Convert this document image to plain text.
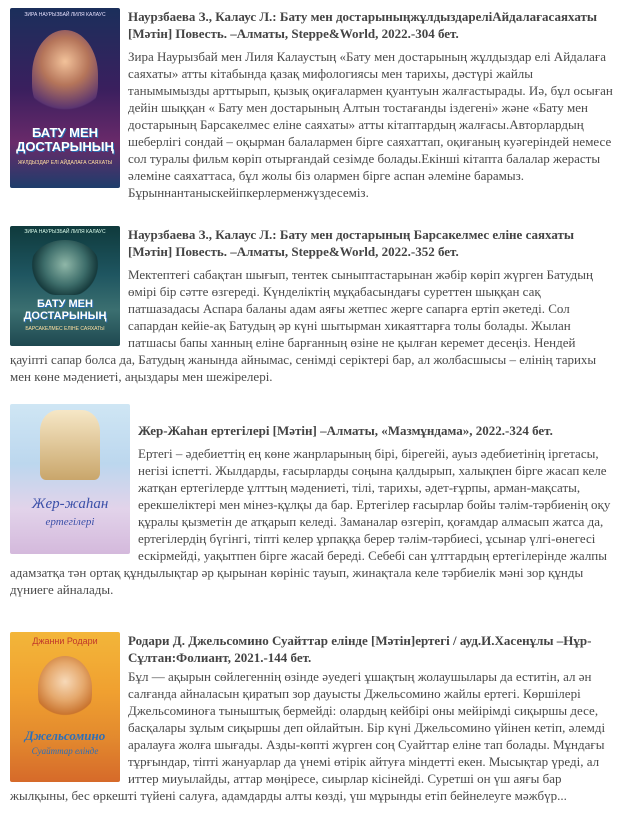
ЗИРА НАУРЫЗБАЙ ЛИЛЯ КАЛАУС
БАТУ МЕН ДОСТАРЫНЫҢ
ЖҰЛДЫЗДАР ЕЛІ АЙДАЛАҒА САЯХАТЫ

Наурзбаева З., Калаус Л.: Бату мен достарыныңжұлдыздарелiАйдалағасаяхаты [Мәтiн] Повесть. –Алматы, Steppe&World, 2022.-304 бет.

Зира Наурызбай мен Лиля Калаустың «Бату мен достарының жұлдыздар елі Айдалаға саяхаты» атты кітабында қазақ мифологиясы мен тарихы, дәстүрі жайлы танымымызды арттырып, қызық оқиғалармен қуантуын жалғастырады. Иә, бұл осыған дейін шыққан « Бату мен достарының Алтын тостағанды іздегені» және «Бату мен достарының Барсакелмес еліне саяхаты» атты кітаптардың жалғасы.Авторлардың шеберлігі сондай – оқырман балалармен бірге саяхаттап, оқиғаның куәгеріндей немесе сол туралы фильм көріп отырғандай сезімде болады.Екінші кітапта балалар жерасты әлеміне саяхаттаса, бұл жолы біз олармен бірге аспан әлеміне барамыз. Бұрыннантаныскейіпкерлерменжүздесеміз.

ЗИРА НАУРЫЗБАЙ ЛИЛЯ КАЛАУС
БАТУ МЕН ДОСТАРЫНЫҢ
БАРСАКЕЛМЕС ЕЛІНЕ САЯХАТЫ

Наурзбаева З., Калаус Л.: Бату мен достарының Барсакелмес елiне саяхаты [Мәтiн] Повесть. –Алматы, Steppe&World, 2022.-352 бет.

Мектептегі сабақтан шығып, тентек сыныптастарынан жәбір көріп жүрген Батудың өмірі бір сәтте өзгереді. Күнделіктің мұқабасындағы суреттен шыққан сақ патшазадасы Аспара баланы адам аяғы жетпес жерге сапарға ертіп әкетеді. Сол сапардан кейіе-ақ Батудың әр күні шытырман хикаяттарға толы болады. Жылан патшасы бапы ханның еліне барғанның өзіне не қылған керемет десеңіз. Нендей қауіпті сапар болса да, Батудың жанында айнымас, сенімді серіктері бар, ал жолбасшысы – елінің тарихы мен көне мәдениеті, аңыздары мен шежірелері.

Жер-жаһан
ертегілері

Жер-Жаһан ертегiлерi [Мәтiн] –Алматы, «Мазмұндама», 2022.-324 бет.

Ертегі – әдебиеттің ең көне жанрларының бірі, бірегейі, ауыз әдебиетінің іргетасы, негізі іспетті. Жылдарды, ғасырларды соңына қалдырып, халықпен бірге жасап келе жатқан ертегілерде ұлттың мәдениеті, тілі, тарихы, әдет-ғұрпы, арман-мақсаты, ерекшеліктері мен мінез-құлқы да бар. Ертегілер ғасырлар бойы тәлім-тәрбиенің оқу құралы қызметін де атқарып келеді. Заманалар өзгеріп, қоғамдар алмасып жатса да, ертегілердің бүгінгі, тіпті келер ұрпаққа берер тәлім-тәрбиесі, ұсынар үлгі-өнегесі ескірмейді, уақытпен бірге жасай береді. Себебі сан ұлттардың ертегілерінде жалпы адамзатқа тән ортақ құндылықтар әр қырынан көрініс тауып, жинақтала келе тәрбиелік мәні зор құнды дүниеге айналады.

Джанни Родари
Джельсомино
Суайттар елінде

Родари Д. Джельсомино Суайттар елiнде [Мәтiн]ертегi / ауд.И.Хасенұлы –Нұр-Сұлтан:Фолиант, 2021.-144 бет.

Бұл — ақырын сөйлегеннің өзінде әуедегі ұшақтың жолаушылары да еститін, ал ән салғанда айналасын қиратып зор дауысты Джельсомино жайлы ертегі. Көршілері Джельсоминоға тыныштық бермейді: олардың кейбірі оны мейірімді сиқыршы десе, басқалары зұлым сиқыршы деп ойлайтын. Бір күні Джельсомино үйінен кетіп, әлемді аралауға жолға шығады. Азды-көпті жүрген соң Суайттар еліне тап болады. Мұндағы тұрғындар, тіпті жануарлар да үнемі өтірік айтуға міндетті екен. Мысықтар үреді, ал иттер миуылайды, аттар мөңіресе, сиырлар кісінейді. Суретші он үш аяғы бар жылқыны, бес өркешті түйені салуға, адамдарды алты көзді, үш мұрынды етіп бейнелеуге мәжбүр...
